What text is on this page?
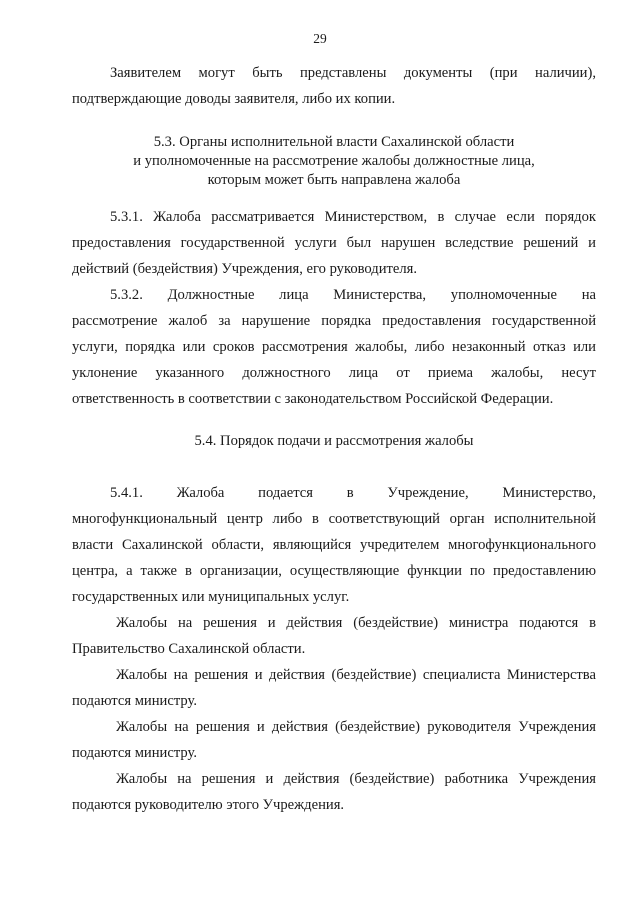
29
Заявителем могут быть представлены документы (при наличии),
подтверждающие доводы заявителя, либо их копии.
5.3. Органы исполнительной власти Сахалинской области
и уполномоченные на рассмотрение жалобы должностные лица,
которым может быть направлена жалоба
5.3.1. Жалоба рассматривается Министерством, в случае если порядок
предоставления государственной услуги был нарушен вследствие решений и
действий (бездействия) Учреждения, его руководителя.
5.3.2. Должностные лица Министерства, уполномоченные на
рассмотрение жалоб за нарушение порядка предоставления государственной
услуги, порядка или сроков рассмотрения жалобы, либо незаконный отказ или
уклонение указанного должностного лица от приема жалобы, несут
ответственность в соответствии с законодательством Российской Федерации.
5.4. Порядок подачи и рассмотрения жалобы
5.4.1. Жалоба подается в Учреждение, Министерство,
многофункциональный центр либо в соответствующий орган исполнительной
власти Сахалинской области, являющийся учредителем многофункционального
центра, а также в организации, осуществляющие функции по предоставлению
государственных или муниципальных услуг.
Жалобы на решения и действия (бездействие) министра подаются в
Правительство Сахалинской области.
Жалобы на решения и действия (бездействие) специалиста Министерства
подаются министру.
Жалобы на решения и действия (бездействие) руководителя Учреждения
подаются министру.
Жалобы на решения и действия (бездействие) работника Учреждения
подаются руководителю этого Учреждения.
